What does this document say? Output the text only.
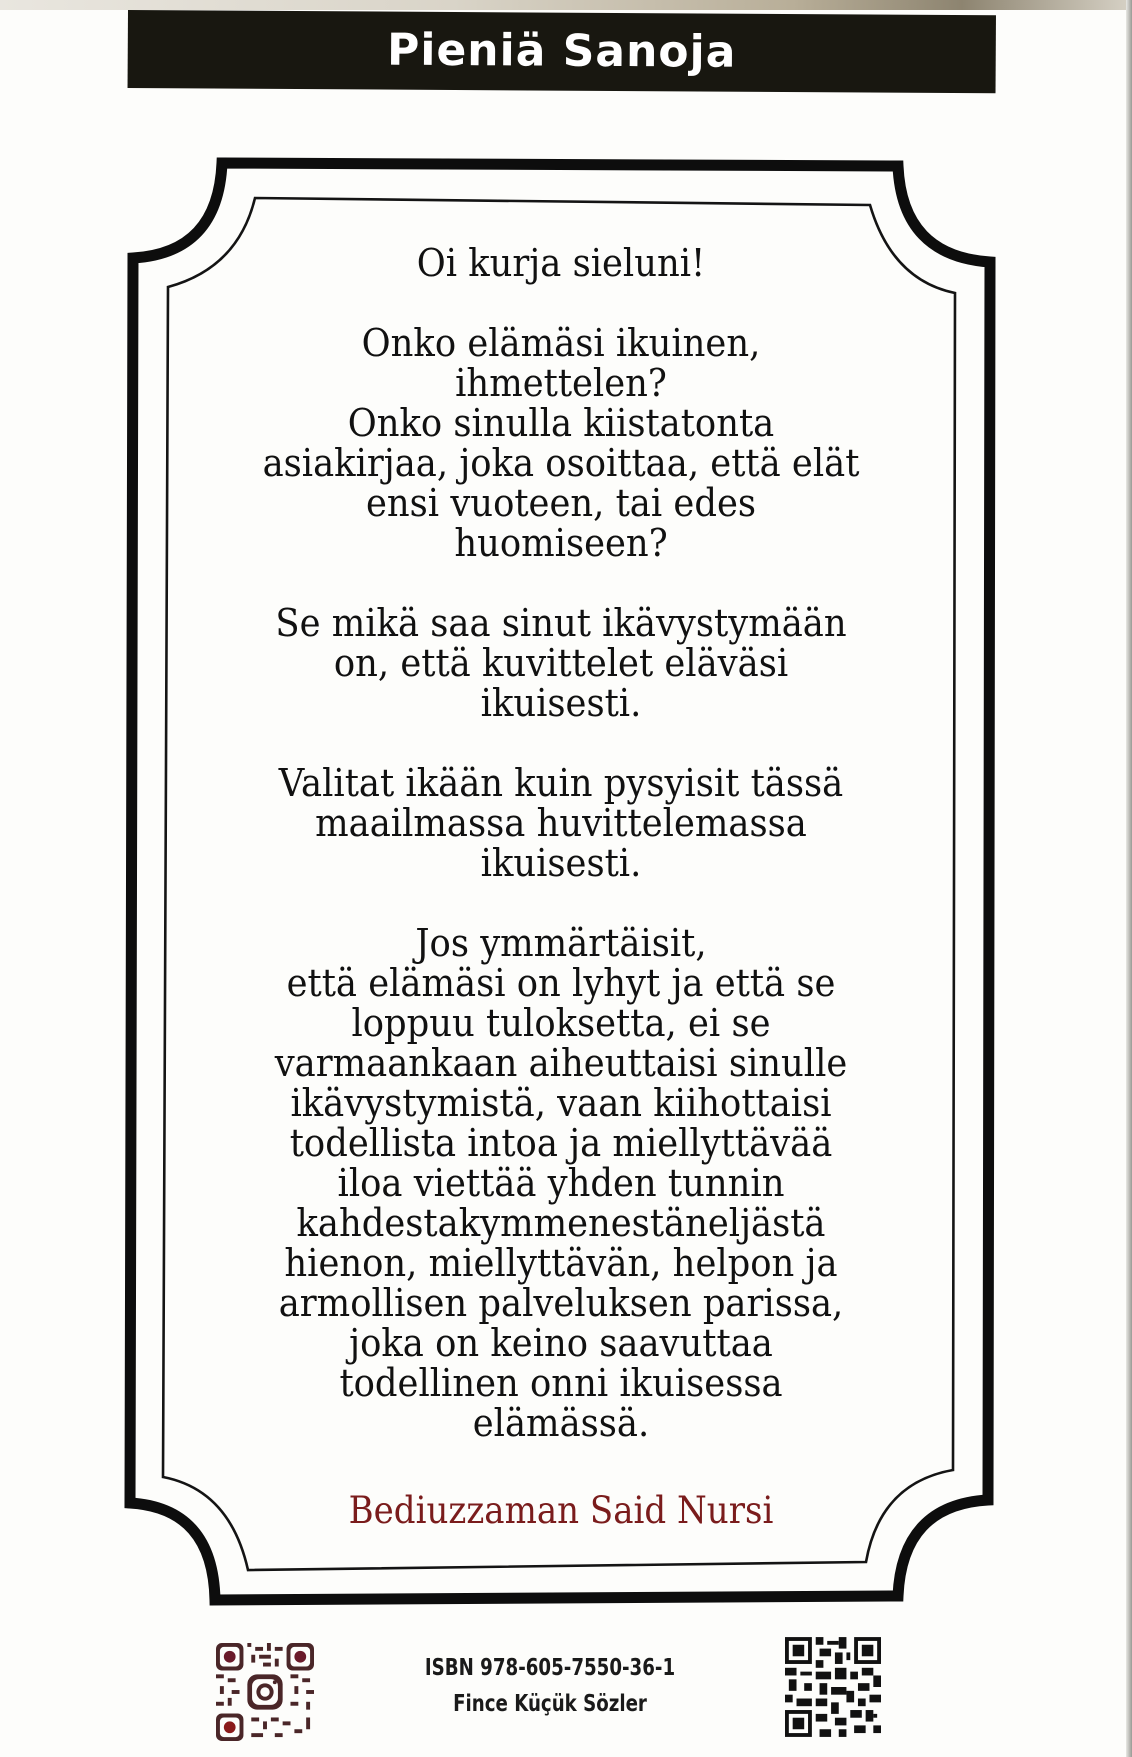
Pieniä Sanoja
Oi kurja sieluni!
Onko elämäsi ikuinen,
ihmettelen?
Onko sinulla kiistatonta
asiakirjaa, joka osoittaa, että elät
ensi vuoteen, tai edes
huomiseen?
Se mikä saa sinut ikävystymään
on, että kuvittelet eläväsi
ikuisesti.
Valitat ikään kuin pysyisit tässä
maailmassa huvittelemassa
ikuisesti.
Jos ymmärtäisit,
että elämäsi on lyhyt ja että se
loppuu tuloksetta, ei se
varmaankaan aiheuttaisi sinulle
ikävystymistä, vaan kiihottaisi
todellista intoa ja miellyttävää
iloa viettää yhden tunnin
kahdestakymmenestäneljästä
hienon, miellyttävän, helpon ja
armollisen palveluksen parissa,
joka on keino saavuttaa
todellinen onni ikuisessa
elämässä.
Bediuzzaman Said Nursi
ISBN 978-605-7550-36-1
Fince Küçük Sözler
